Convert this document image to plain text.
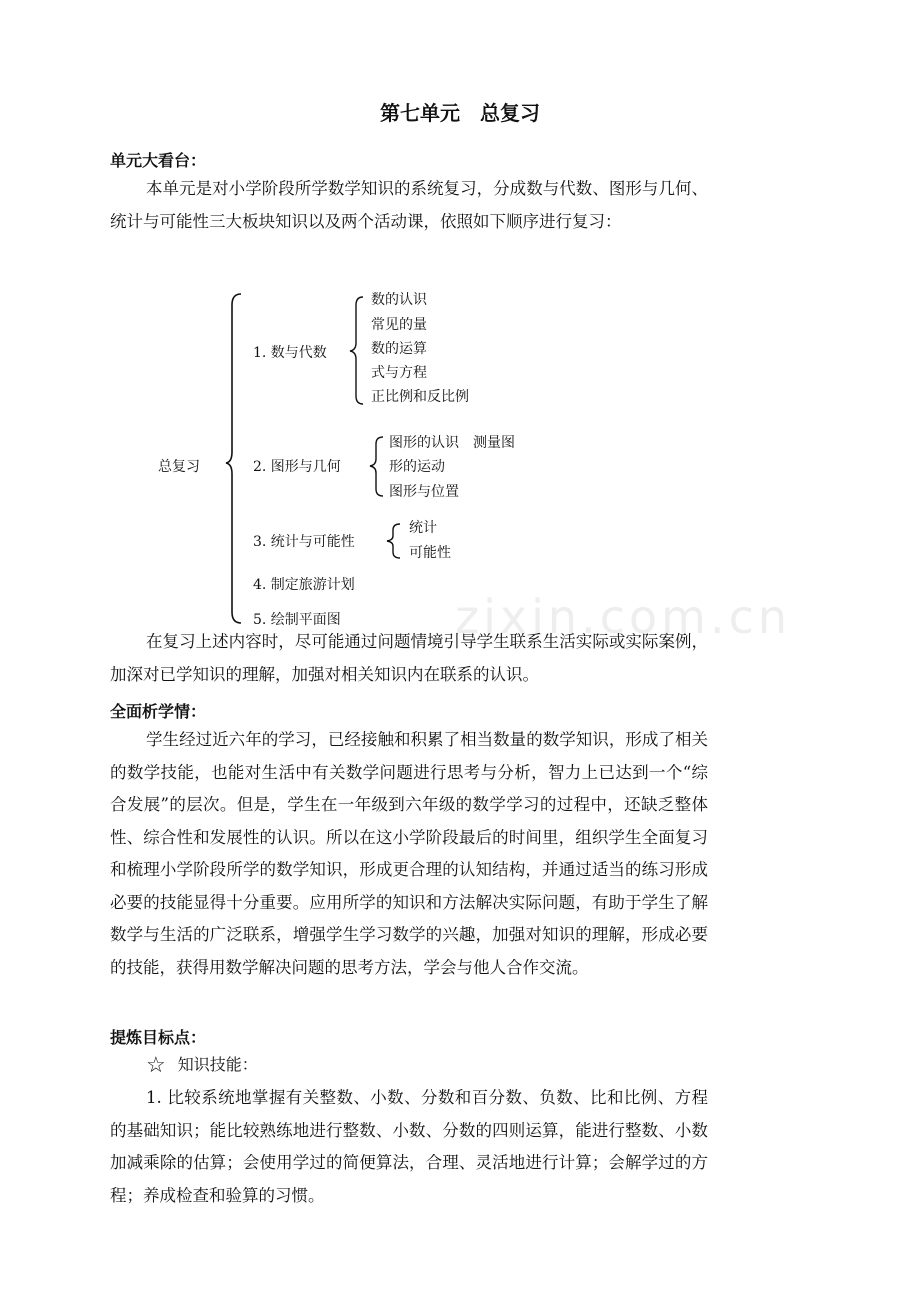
第七单元　总复习
单元大看台：
本单元是对小学阶段所学数学知识的系统复习，分成数与代数、图形与几何、统计与可能性三大板块知识以及两个活动课，依照如下顺序进行复习：
总复习
1. 数与代数
数的认识
常见的量
数的运算
式与方程
正比例和反比例
2. 图形与几何
图形的认识　测量图
形的运动
图形与位置
3. 统计与可能性
统计
可能性
4. 制定旅游计划
5. 绘制平面图 zixin.com.cn
在复习上述内容时，尽可能通过问题情境引导学生联系生活实际或实际案例，加深对已学知识的理解，加强对相关知识内在联系的认识。
全面析学情：
学生经过近六年的学习，已经接触和积累了相当数量的数学知识，形成了相关的数学技能，也能对生活中有关数学问题进行思考与分析，智力上已达到一个“综合发展”的层次。但是，学生在一年级到六年级的数学学习的过程中，还缺乏整体性、综合性和发展性的认识。所以在这小学阶段最后的时间里，组织学生全面复习和梳理小学阶段所学的数学知识，形成更合理的认知结构，并通过适当的练习形成必要的技能显得十分重要。应用所学的知识和方法解决实际问题，有助于学生了解数学与生活的广泛联系，增强学生学习数学的兴趣，加强对知识的理解，形成必要的技能，获得用数学解决问题的思考方法，学会与他人合作交流。
提炼目标点：
☆ 知识技能：
1. 比较系统地掌握有关整数、小数、分数和百分数、负数、比和比例、方程的基础知识；能比较熟练地进行整数、小数、分数的四则运算，能进行整数、小数加减乘除的估算；会使用学过的简便算法，合理、灵活地进行计算；会解学过的方程；养成检查和验算的习惯。
